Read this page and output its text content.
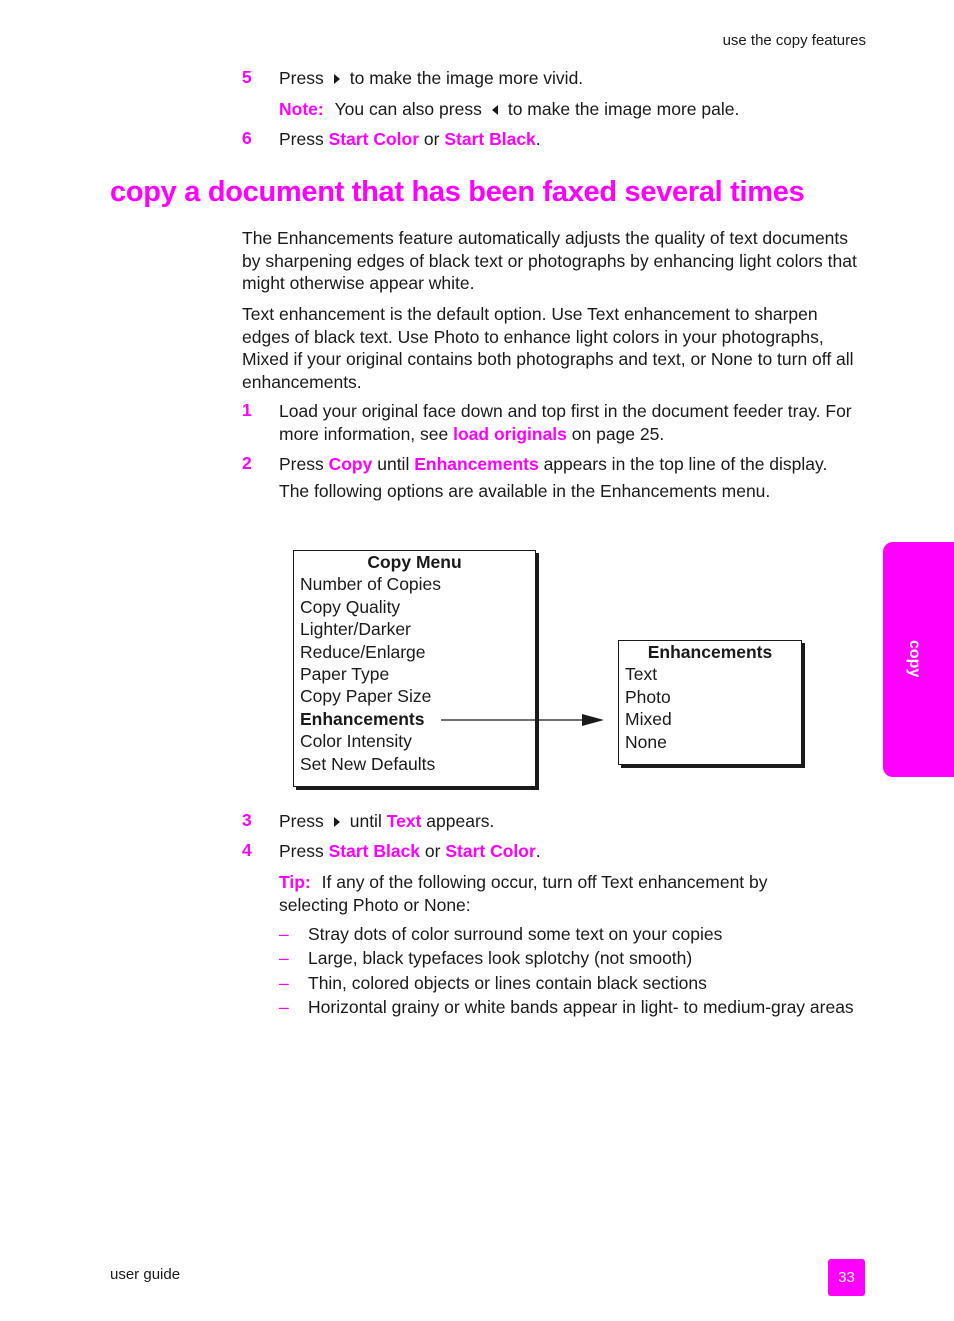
use the copy features
5 Press to make the image more vivid.
Note: You can also press to make the image more pale.
6 Press Start Color or Start Black.
copy a document that has been faxed several times
The Enhancements feature automatically adjusts the quality of text documents by sharpening edges of black text or photographs by enhancing light colors that might otherwise appear white.
Text enhancement is the default option. Use Text enhancement to sharpen edges of black text. Use Photo to enhance light colors in your photographs, Mixed if your original contains both photographs and text, or None to turn off all enhancements.
1 Load your original face down and top first in the document feeder tray. For more information, see load originals on page 25.
2 Press Copy until Enhancements appears in the top line of the display.
The following options are available in the Enhancements menu.
Copy Menu
Number of Copies
Copy Quality
Lighter/Darker
Reduce/Enlarge
Paper Type
Copy Paper Size
Enhancements
Color Intensity
Set New Defaults
Enhancements
Text
Photo
Mixed
None
3 Press until Text appears.
4 Press Start Black or Start Color.
Tip: If any of the following occur, turn off Text enhancement by selecting Photo or None:
– Stray dots of color surround some text on your copies
– Large, black typefaces look splotchy (not smooth)
– Thin, colored objects or lines contain black sections
– Horizontal grainy or white bands appear in light- to medium-gray areas
copy
user guide	33
